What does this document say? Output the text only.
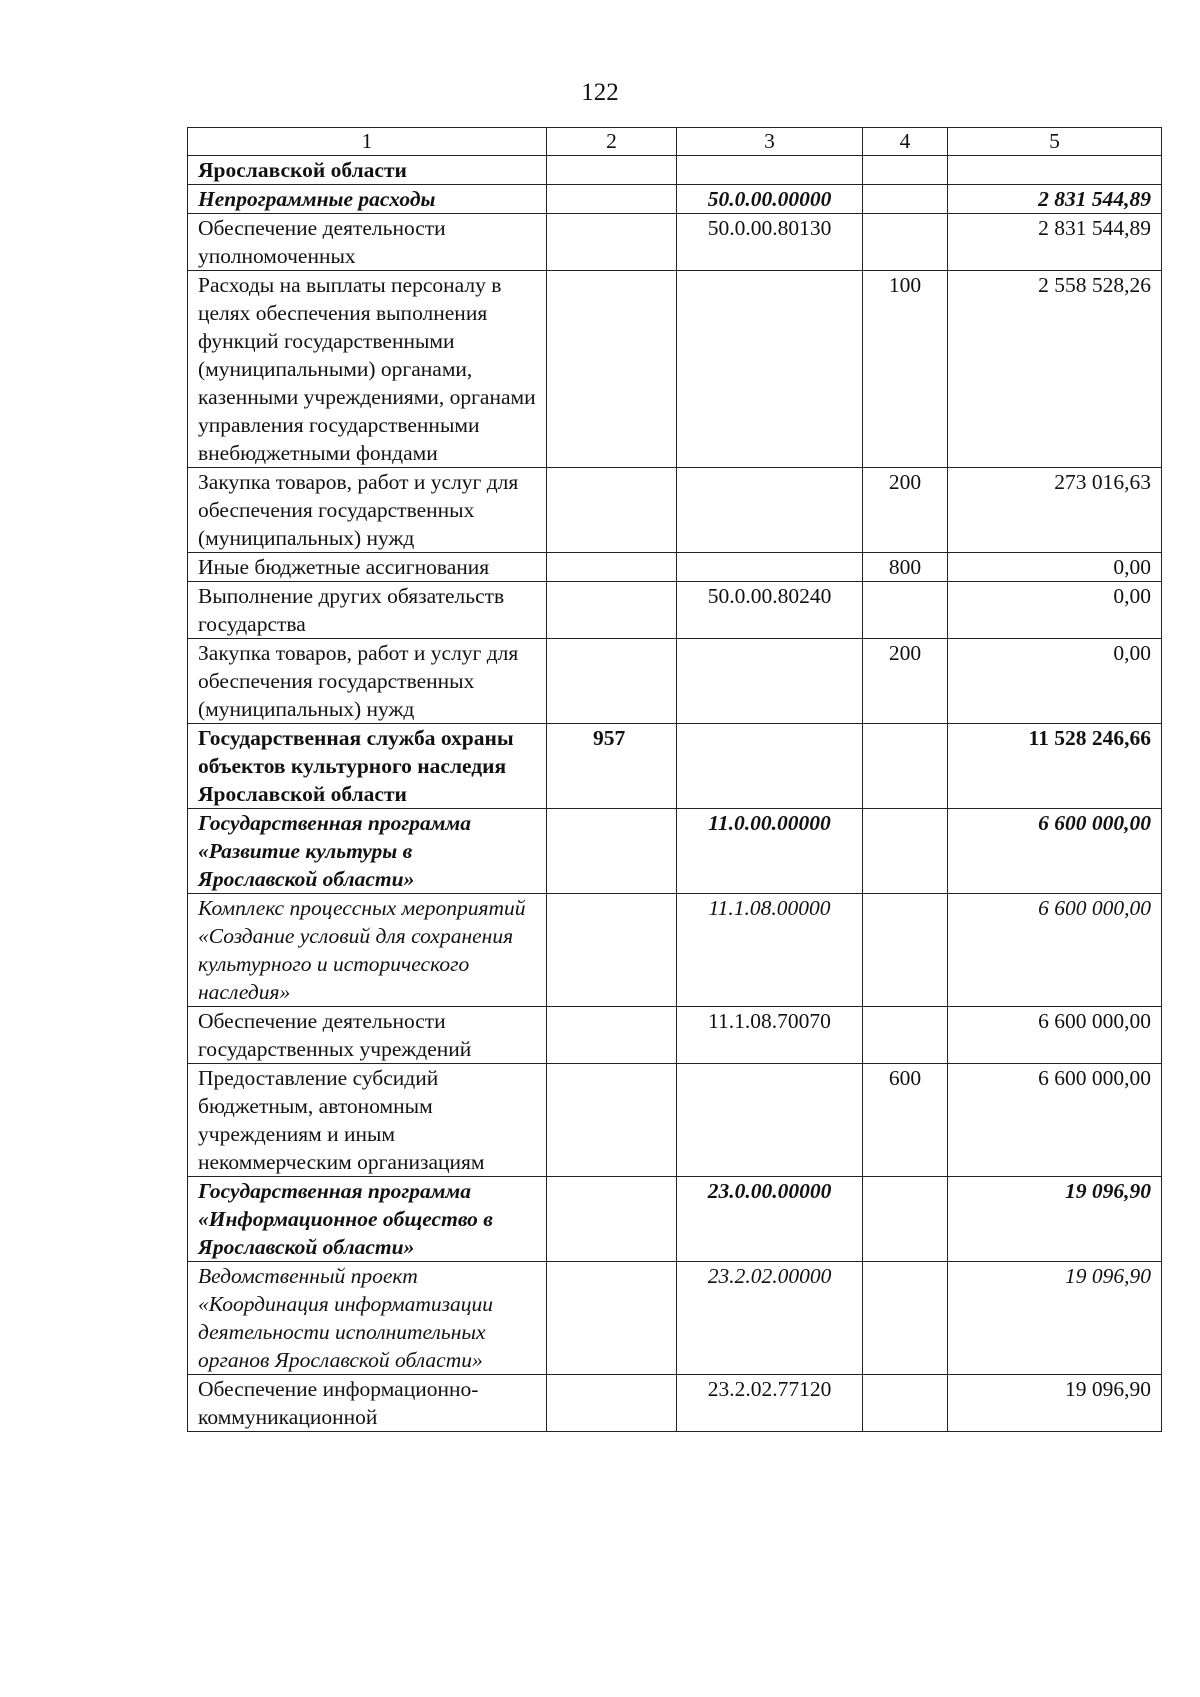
122
1	2	3	4	5
Ярославской области				
Непрограммные расходы		50.0.00.00000		2 831 544,89
Обеспечение деятельности уполномоченных		50.0.00.80130		2 831 544,89
Расходы на выплаты персоналу в целях обеспечения выполнения функций государственными (муниципальными) органами, казенными учреждениями, органами управления государственными внебюджетными фондами			100	2 558 528,26
Закупка товаров, работ и услуг для обеспечения государственных (муниципальных) нужд			200	273 016,63
Иные бюджетные ассигнования			800	0,00
Выполнение других обязательств государства		50.0.00.80240		0,00
Закупка товаров, работ и услуг для обеспечения государственных (муниципальных) нужд			200	0,00
Государственная служба охраны объектов культурного наследия Ярославской области	957			11 528 246,66
Государственная программа «Развитие культуры в Ярославской области»		11.0.00.00000		6 600 000,00
Комплекс процессных мероприятий «Создание условий для сохранения культурного и исторического наследия»		11.1.08.00000		6 600 000,00
Обеспечение деятельности государственных учреждений		11.1.08.70070		6 600 000,00
Предоставление субсидий бюджетным, автономным учреждениям и иным некоммерческим организациям			600	6 600 000,00
Государственная программа «Информационное общество в Ярославской области»		23.0.00.00000		19 096,90
Ведомственный проект «Координация информатизации деятельности исполнительных органов Ярославской области»		23.2.02.00000		19 096,90
Обеспечение информационно-коммуникационной		23.2.02.77120		19 096,90
